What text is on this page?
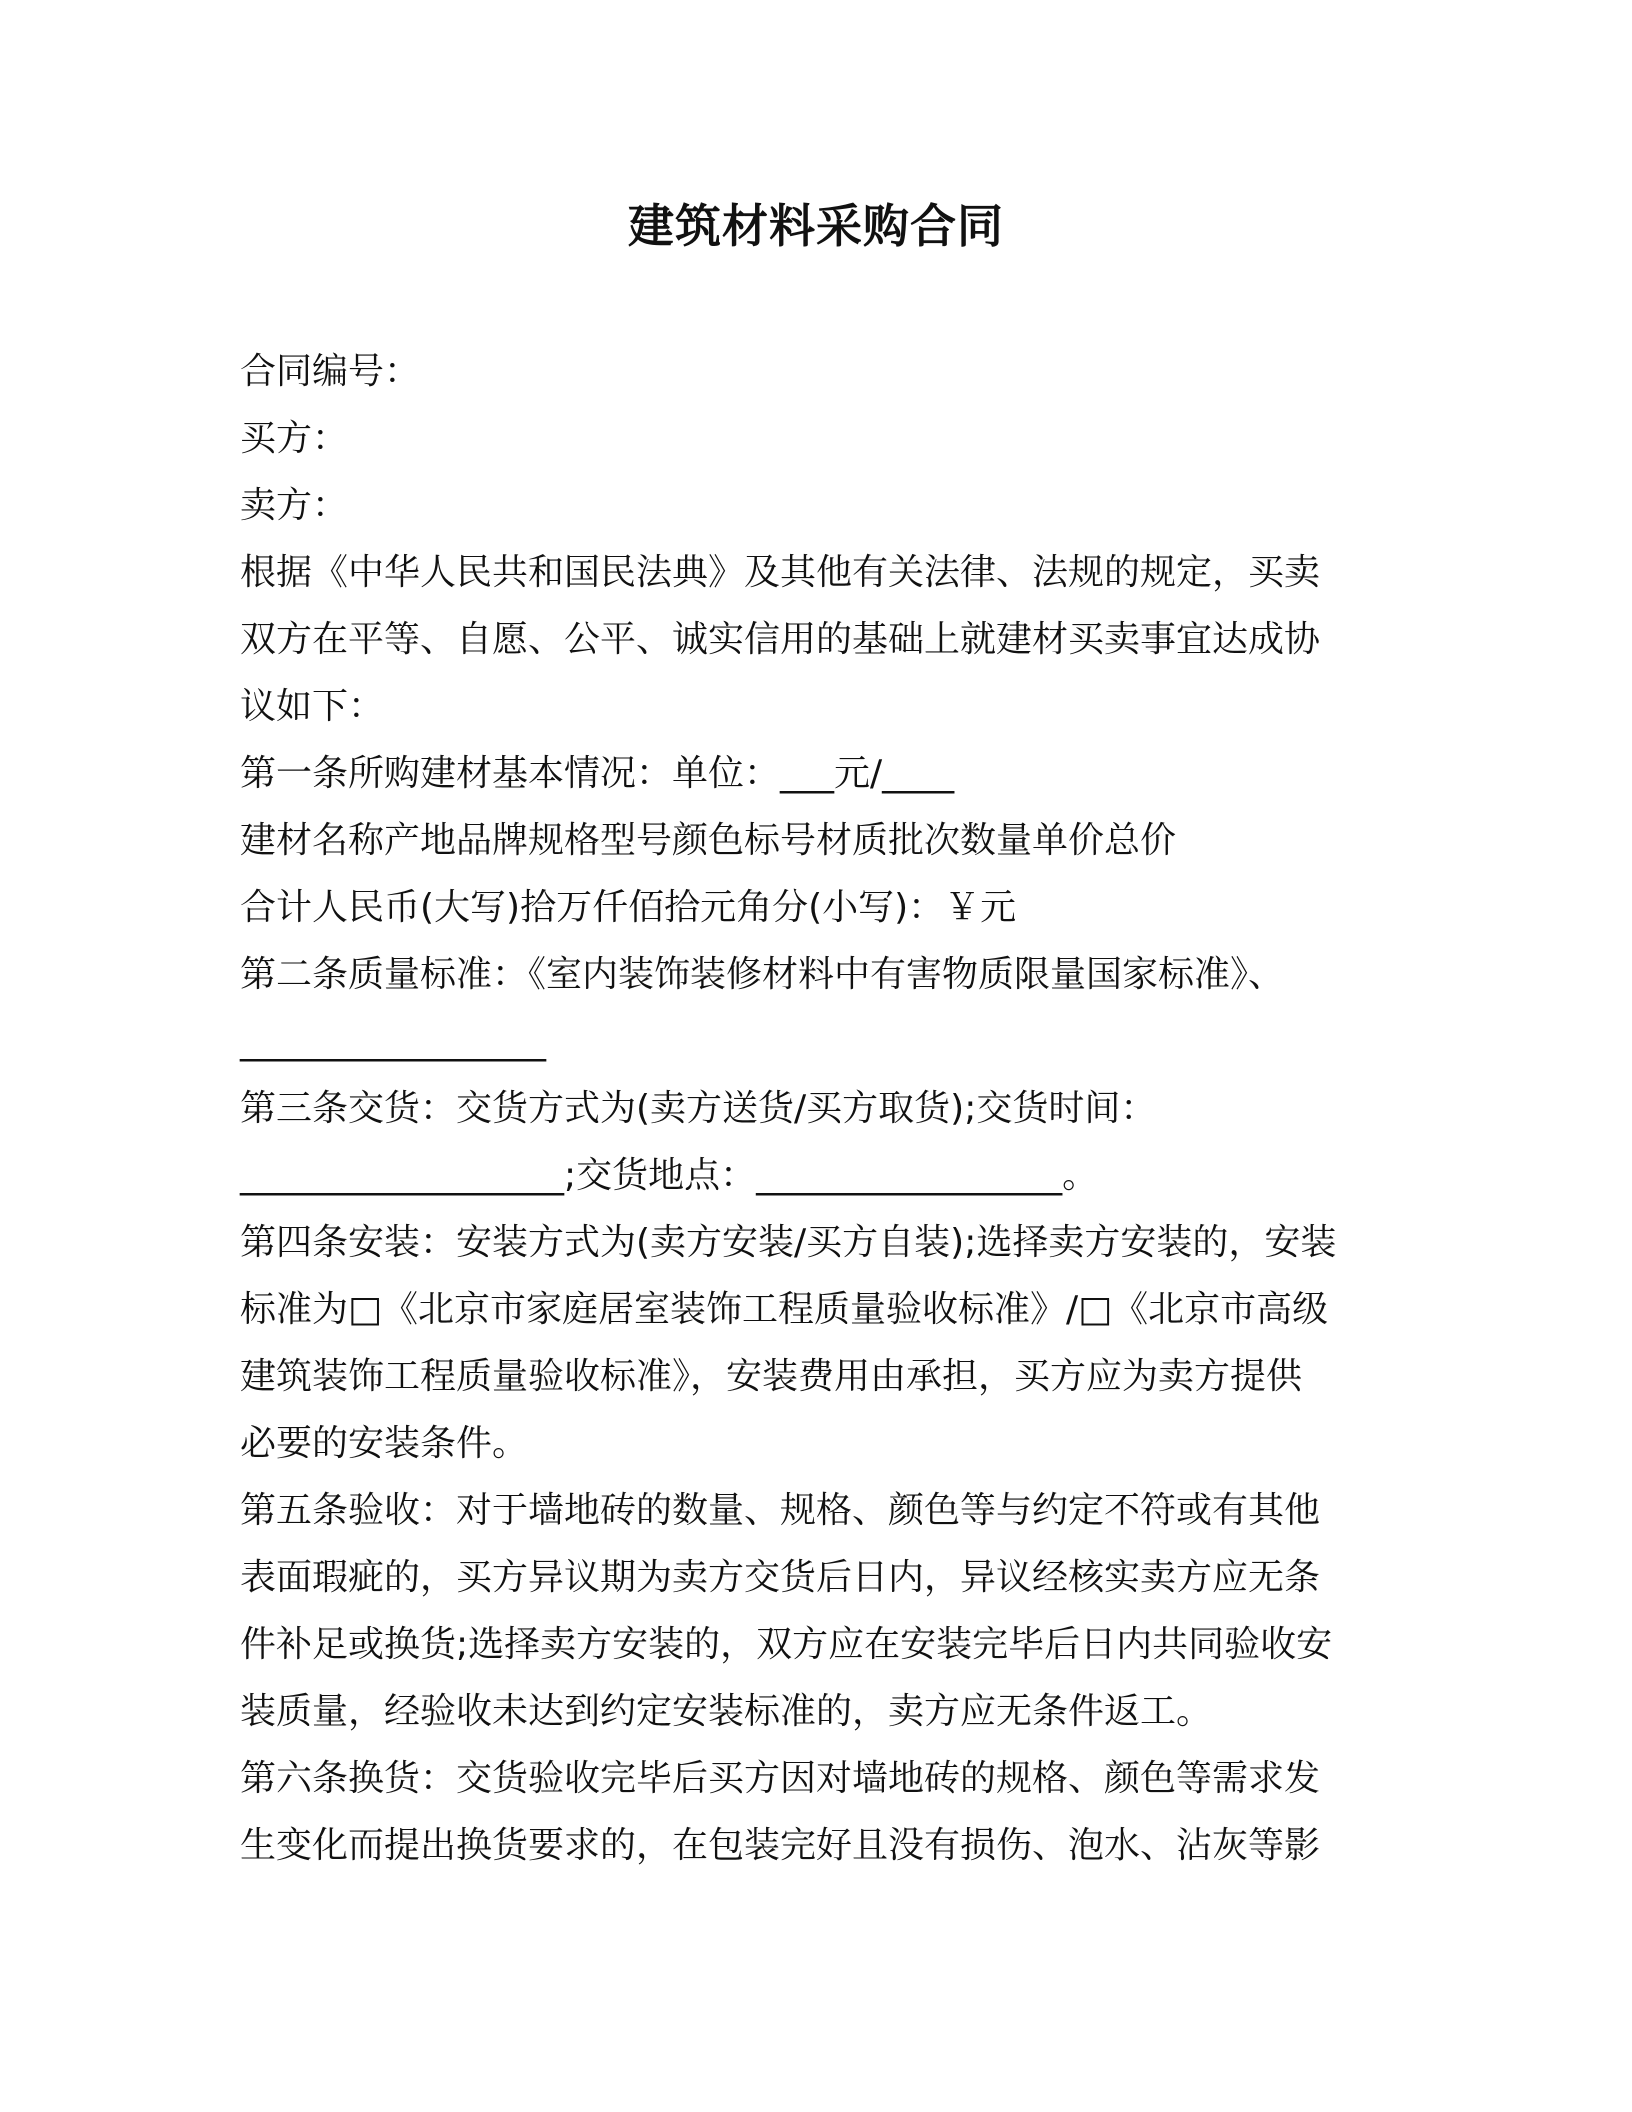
建筑材料采购合同
合同编号：
买方：
卖方：
根据《中华人民共和国民法典》及其他有关法律、法规的规定，买卖
双方在平等、自愿、公平、诚实信用的基础上就建材买卖事宜达成协
议如下：
第一条所购建材基本情况：单位：___元/____
建材名称产地品牌规格型号颜色标号材质批次数量单价总价
合计人民币(大写)拾万仟佰拾元角分(小写)：￥元
第二条质量标准：《室内装饰装修材料中有害物质限量国家标准》、
_________________
第三条交货：交货方式为(卖方送货/买方取货);交货时间：
__________________;交货地点：_________________。
第四条安装：安装方式为(卖方安装/买方自装);选择卖方安装的，安装
标准为□《北京市家庭居室装饰工程质量验收标准》/□《北京市高级
建筑装饰工程质量验收标准》，安装费用由承担，买方应为卖方提供
必要的安装条件。
第五条验收：对于墙地砖的数量、规格、颜色等与约定不符或有其他
表面瑕疵的，买方异议期为卖方交货后日内，异议经核实卖方应无条
件补足或换货;选择卖方安装的，双方应在安装完毕后日内共同验收安
装质量，经验收未达到约定安装标准的，卖方应无条件返工。
第六条换货：交货验收完毕后买方因对墙地砖的规格、颜色等需求发
生变化而提出换货要求的，在包装完好且没有损伤、泡水、沾灰等影
